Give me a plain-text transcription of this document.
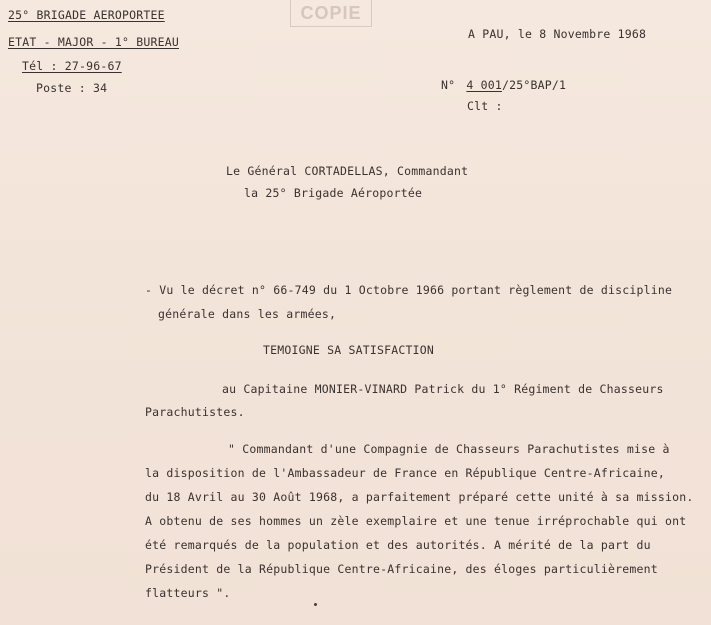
COPIE
25° BRIGADE AEROPORTEE
ETAT - MAJOR - 1° BUREAU
Tél : 27-96-67
Poste : 34
A PAU, le 8 Novembre 1968
N° 4 001/25°BAP/1
Clt :
Le Général CORTADELLAS, Commandant
la 25° Brigade Aéroportée
- Vu le décret n° 66-749 du 1 Octobre 1966 portant règlement de discipline
générale dans les armées,
TEMOIGNE SA SATISFACTION
au Capitaine MONIER-VINARD Patrick du 1° Régiment de Chasseurs
Parachutistes.
" Commandant d'une Compagnie de Chasseurs Parachutistes mise à
la disposition de l'Ambassadeur de France en République Centre-Africaine,
du 18 Avril au 30 Août 1968, a parfaitement préparé cette unité à sa mission.
A obtenu de ses hommes un zèle exemplaire et une tenue irréprochable qui ont
été remarqués de la population et des autorités. A mérité de la part du
Président de la République Centre-Africaine, des éloges particulièrement
flatteurs ".
